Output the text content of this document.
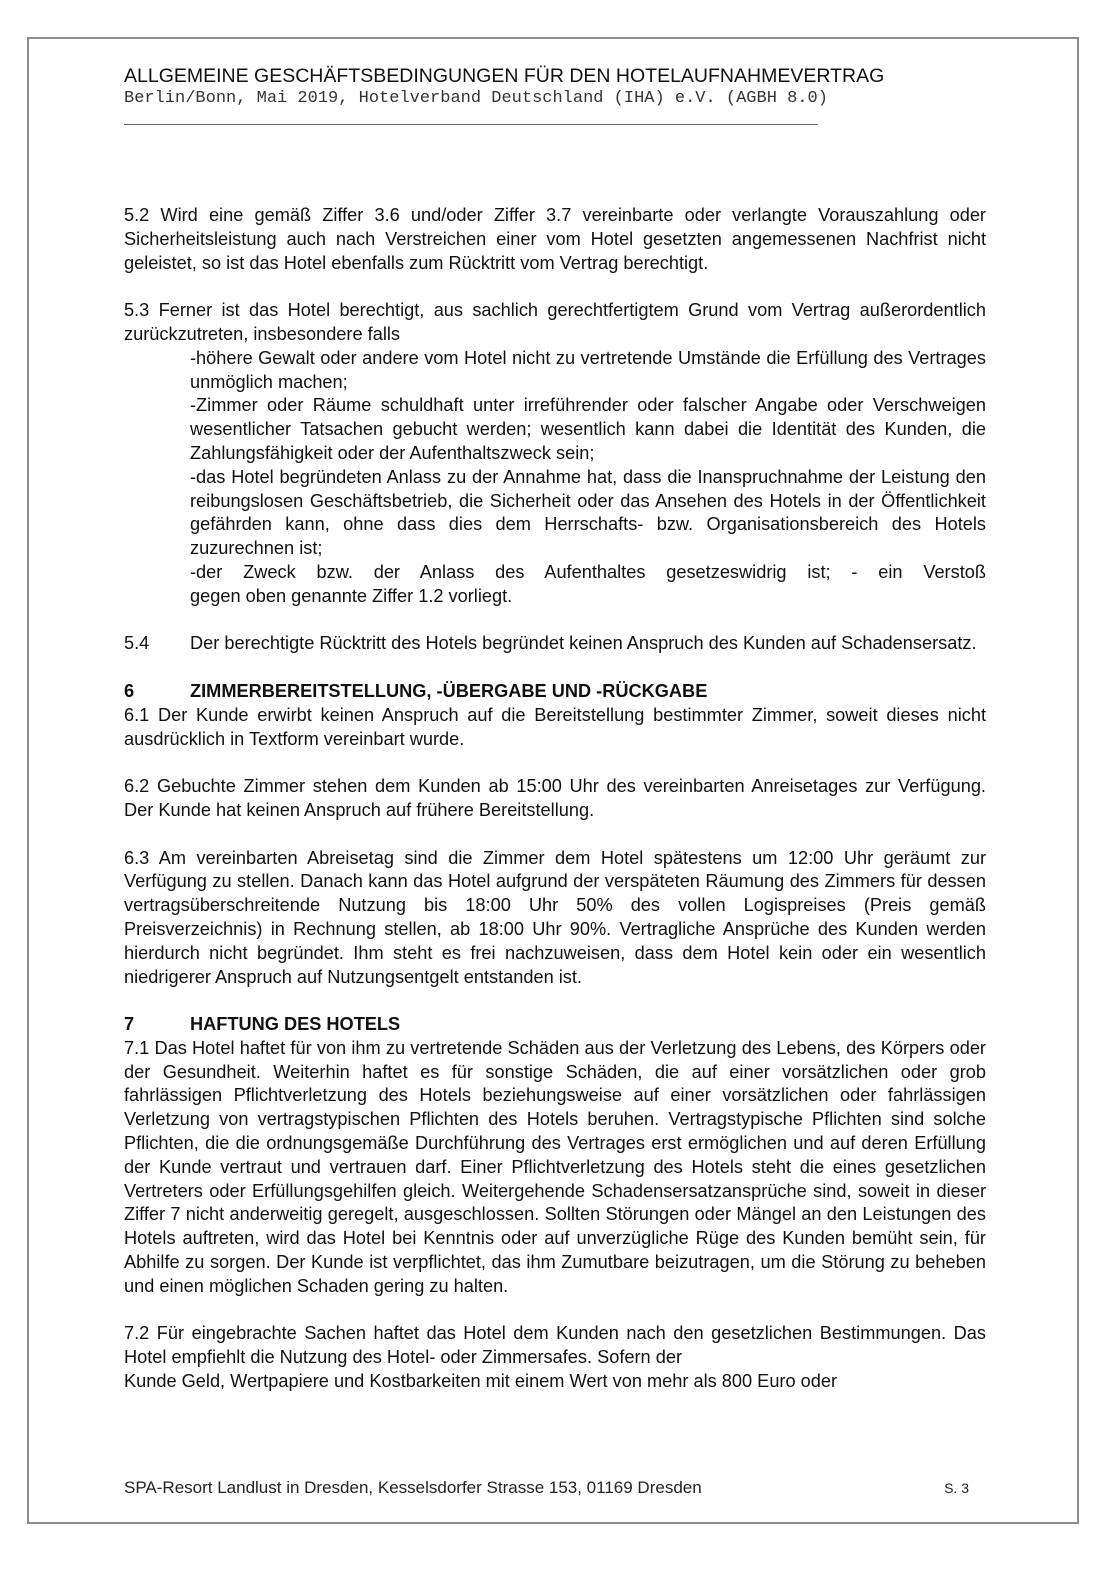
ALLGEMEINE GESCHÄFTSBEDINGUNGEN FÜR DEN HOTELAUFNAHMEVERTRAG
Berlin/Bonn, Mai 2019, Hotelverband Deutschland (IHA) e.V. (AGBH 8.0)
____________________________________________________________________

5.2 Wird eine gemäß Ziffer 3.6 und/oder Ziffer 3.7 vereinbarte oder verlangte Vorauszahlung oder Sicherheitsleistung auch nach Verstreichen einer vom Hotel gesetzten angemessenen Nachfrist nicht geleistet, so ist das Hotel ebenfalls zum Rücktritt vom Vertrag berechtigt.

5.3 Ferner ist das Hotel berechtigt, aus sachlich gerechtfertigtem Grund vom Vertrag außerordentlich zurückzutreten, insbesondere falls

-höhere Gewalt oder andere vom Hotel nicht zu vertretende Umstände die Erfüllung des Vertrages unmöglich machen;

-Zimmer oder Räume schuldhaft unter irreführender oder falscher Angabe oder Verschweigen wesentlicher Tatsachen gebucht werden; wesentlich kann dabei die Identität des Kunden, die Zahlungsfähigkeit oder der Aufenthaltszweck sein;

-das Hotel begründeten Anlass zu der Annahme hat, dass die Inanspruchnahme der Leistung den reibungslosen Geschäftsbetrieb, die Sicherheit oder das Ansehen des Hotels in der Öffentlichkeit gefährden kann, ohne dass dies dem Herrschafts- bzw. Organisationsbereich des Hotels zuzurechnen ist;

-der Zweck bzw. der Anlass des Aufenthaltes gesetzeswidrig ist; - ein Verstoß

gegen oben genannte Ziffer 1.2 vorliegt.

5.4 Der berechtigte Rücktritt des Hotels begründet keinen Anspruch des Kunden auf Schadensersatz.

6	ZIMMERBEREITSTELLUNG, -ÜBERGABE UND -RÜCKGABE

6.1 Der Kunde erwirbt keinen Anspruch auf die Bereitstellung bestimmter Zimmer, soweit dieses nicht ausdrücklich in Textform vereinbart wurde.

6.2 Gebuchte Zimmer stehen dem Kunden ab 15:00 Uhr des vereinbarten Anreisetages zur Verfügung. Der Kunde hat keinen Anspruch auf frühere Bereitstellung.

6.3 Am vereinbarten Abreisetag sind die Zimmer dem Hotel spätestens um 12:00 Uhr geräumt zur Verfügung zu stellen. Danach kann das Hotel aufgrund der verspäteten Räumung des Zimmers für dessen vertragsüberschreitende Nutzung bis 18:00 Uhr 50% des vollen Logispreises (Preis gemäß Preisverzeichnis) in Rechnung stellen, ab 18:00 Uhr 90%. Vertragliche Ansprüche des Kunden werden hierdurch nicht begründet. Ihm steht es frei nachzuweisen, dass dem Hotel kein oder ein wesentlich niedrigerer Anspruch auf Nutzungsentgelt entstanden ist.

7	HAFTUNG DES HOTELS

7.1 Das Hotel haftet für von ihm zu vertretende Schäden aus der Verletzung des Lebens, des Körpers oder der Gesundheit. Weiterhin haftet es für sonstige Schäden, die auf einer vorsätzlichen oder grob fahrlässigen Pflichtverletzung des Hotels beziehungsweise auf einer vorsätzlichen oder fahrlässigen Verletzung von vertragstypischen Pflichten des Hotels beruhen. Vertragstypische Pflichten sind solche Pflichten, die die ordnungsgemäße Durchführung des Vertrages erst ermöglichen und auf deren Erfüllung der Kunde vertraut und vertrauen darf. Einer Pflichtverletzung des Hotels steht die eines gesetzlichen Vertreters oder Erfüllungsgehilfen gleich. Weitergehende Schadensersatzansprüche sind, soweit in dieser Ziffer 7 nicht anderweitig geregelt, ausgeschlossen. Sollten Störungen oder Mängel an den Leistungen des Hotels auftreten, wird das Hotel bei Kenntnis oder auf unverzügliche Rüge des Kunden bemüht sein, für Abhilfe zu sorgen. Der Kunde ist verpflichtet, das ihm Zumutbare beizutragen, um die Störung zu beheben und einen möglichen Schaden gering zu halten.

7.2 Für eingebrachte Sachen haftet das Hotel dem Kunden nach den gesetzlichen Bestimmungen. Das Hotel empfiehlt die Nutzung des Hotel- oder Zimmersafes. Sofern der

Kunde Geld, Wertpapiere und Kostbarkeiten mit einem Wert von mehr als 800 Euro oder

SPA-Resort Landlust in Dresden, Kesselsdorfer Strasse 153, 01169 Dresden	S. 3
